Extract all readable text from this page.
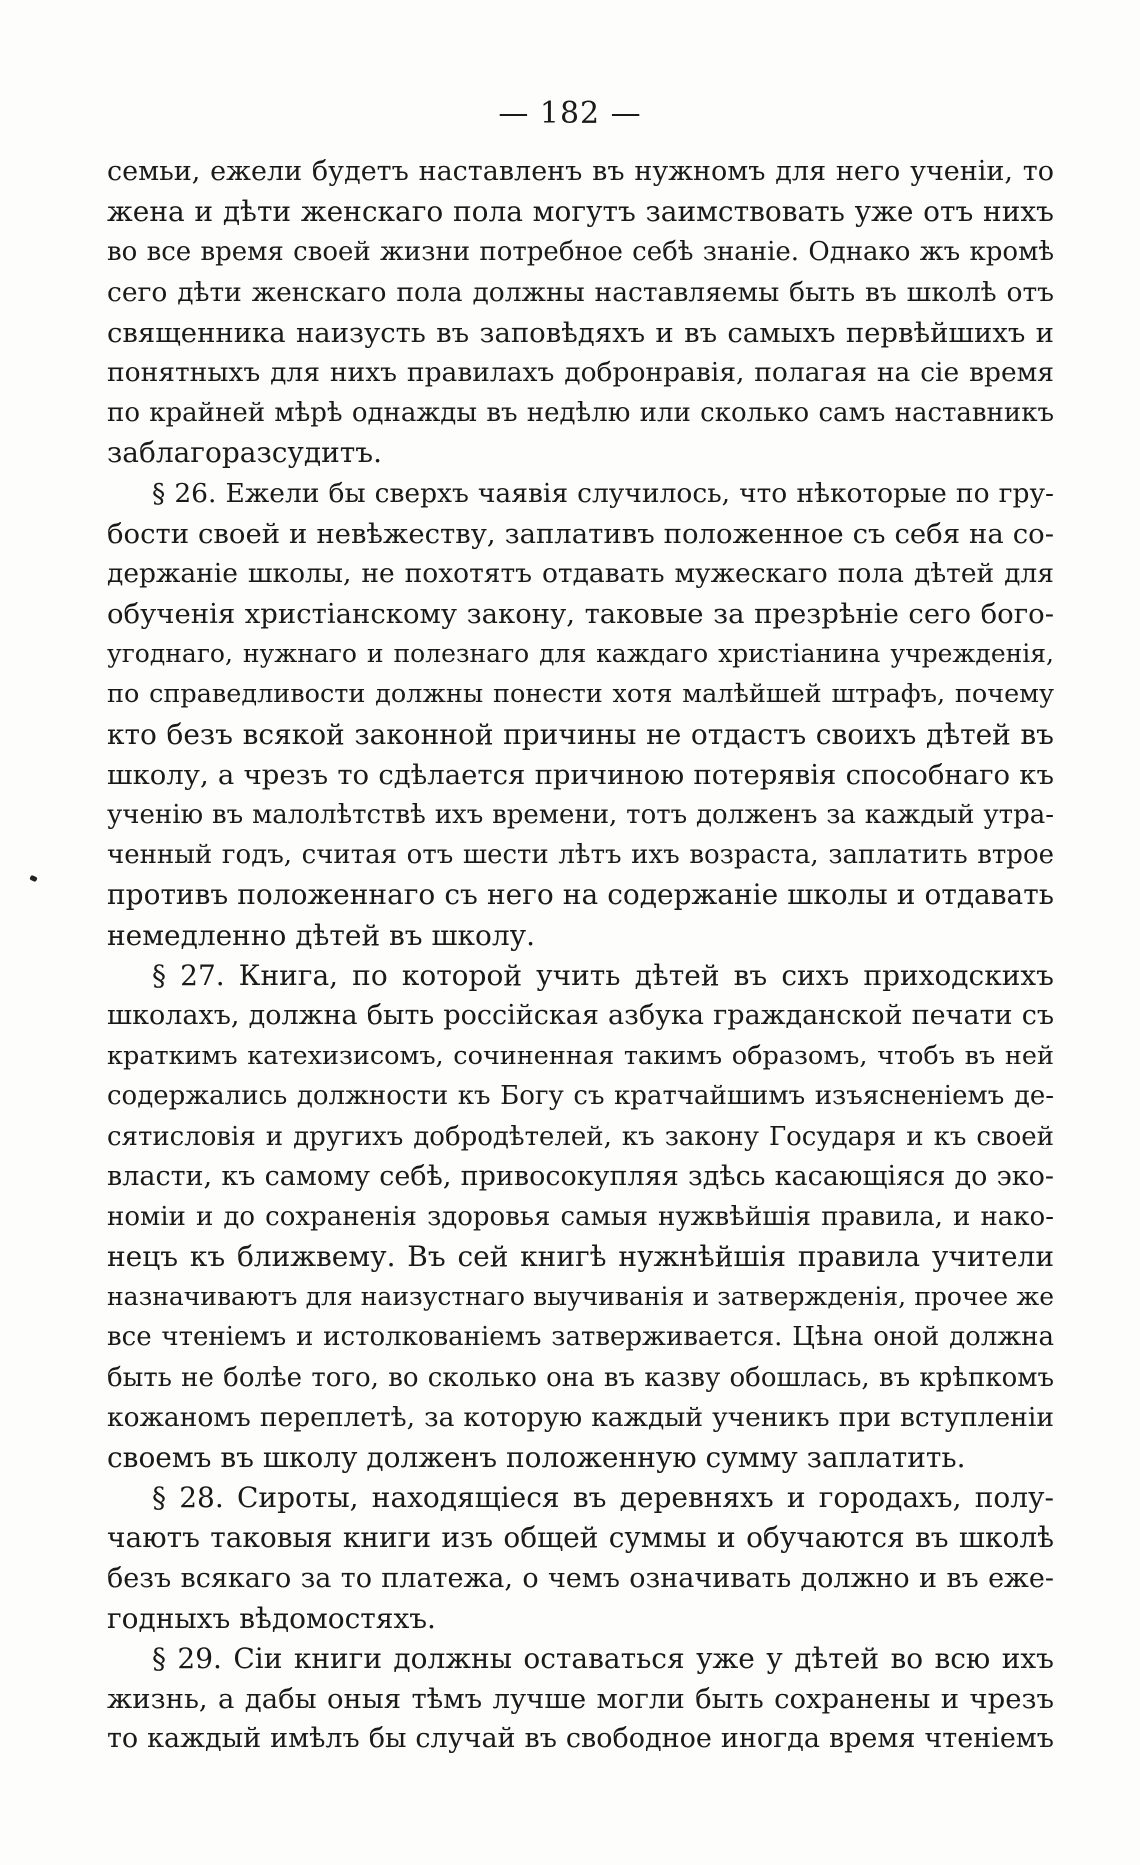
— 182 —
семьи, ежели будетъ наставленъ въ нужномъ для него ученіи, то
жена и дѣти женскаго пола могутъ заимствовать уже отъ нихъ
во все время своей жизни потребное себѣ знаніе. Однако жъ кромѣ
сего дѣти женскаго пола должны наставляемы быть въ школѣ отъ
священника наизусть въ заповѣдяхъ и въ самыхъ первѣйшихъ и
понятныхъ для нихъ правилахъ добронравія, полагая на сіе время
по крайней мѣрѣ однажды въ недѣлю или сколько самъ наставникъ
заблагоразсудитъ.
§ 26. Ежели бы сверхъ чаявія случилось, что нѣкоторые по гру-
бости своей и невѣжеству, заплативъ положенное съ себя на со-
держаніе школы, не похотятъ отдавать мужескаго пола дѣтей для
обученія христіанскому закону, таковые за презрѣніе сего бого-
угоднаго, нужнаго и полезнаго для каждаго христіанина учрежденія,
по справедливости должны понести хотя малѣйшей штрафъ, почему
кто безъ всякой законной причины не отдастъ своихъ дѣтей въ
школу, а чрезъ то сдѣлается причиною потерявія способнаго къ
ученію въ малолѣтствѣ ихъ времени, тотъ долженъ за каждый утра-
ченный годъ, считая отъ шести лѣтъ ихъ возраста, заплатить втрое
противъ положеннаго съ него на содержаніе школы и отдавать
немедленно дѣтей въ школу.
§ 27. Книга, по которой учить дѣтей въ сихъ приходскихъ
школахъ, должна быть россійская азбука гражданской печати съ
краткимъ катехизисомъ, сочиненная такимъ образомъ, чтобъ въ ней
содержались должности къ Богу съ кратчайшимъ изъясненіемъ де-
сятисловія и другихъ добродѣтелей, къ закону Государя и къ своей
власти, къ самому себѣ, привосокупляя здѣсь касающіяся до эко-
номіи и до сохраненія здоровья самыя нужвѣйшія правила, и нако-
нецъ къ ближвему. Въ сей книгѣ нужнѣйшія правила учители
назначиваютъ для наизустнаго выучиванія и затвержденія, прочее же
все чтеніемъ и истолкованіемъ затверживается. Цѣна оной должна
быть не болѣе того, во сколько она въ казву обошлась, въ крѣпкомъ
кожаномъ переплетѣ, за которую каждый ученикъ при вступленіи
своемъ въ школу долженъ положенную сумму заплатить.
§ 28. Сироты, находящіеся въ деревняхъ и городахъ, полу-
чаютъ таковыя книги изъ общей суммы и обучаются въ школѣ
безъ всякаго за то платежа, о чемъ означивать должно и въ еже-
годныхъ вѣдомостяхъ.
§ 29. Сіи книги должны оставаться уже у дѣтей во всю ихъ
жизнь, а дабы оныя тѣмъ лучше могли быть сохранены и чрезъ
то каждый имѣлъ бы случай въ свободное иногда время чтеніемъ
